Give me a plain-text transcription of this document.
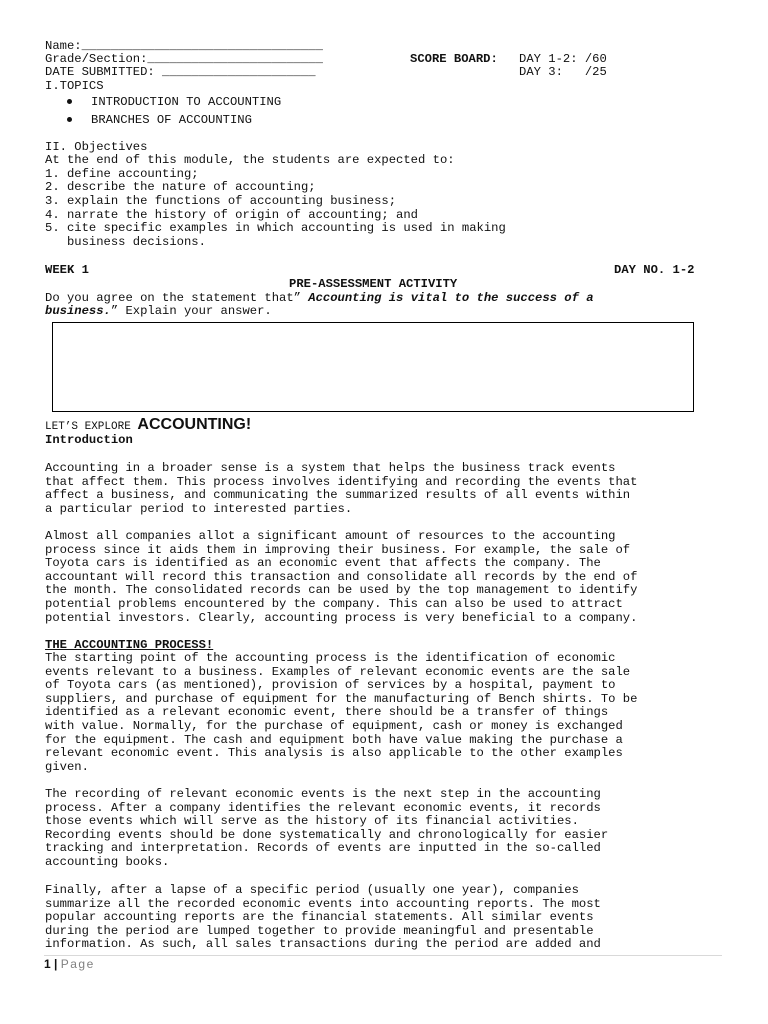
Name:_________________________________
Grade/Section:________________________
DATE SUBMITTED: _____________________
SCORE BOARD: DAY 1-2: /60
DAY 3:   /25
I.TOPICS
INTRODUCTION TO ACCOUNTING
BRANCHES OF ACCOUNTING
II. Objectives
At the end of this module, the students are expected to:
1. define accounting;
2. describe the nature of accounting;
3. explain the functions of accounting business;
4. narrate the history of origin of accounting; and
5. cite specific examples in which accounting is used in making
business decisions.
WEEK 1	DAY NO. 1-2
PRE-ASSESSMENT ACTIVITY
Do you agree on the statement that” Accounting is vital to the success of a
business.” Explain your answer.
LET’S EXPLORE ACCOUNTING!
Introduction
Accounting in a broader sense is a system that helps the business track events
that affect them. This process involves identifying and recording the events that
affect a business, and communicating the summarized results of all events within
a particular period to interested parties.
Almost all companies allot a significant amount of resources to the accounting
process since it aids them in improving their business. For example, the sale of
Toyota cars is identified as an economic event that affects the company. The
accountant will record this transaction and consolidate all records by the end of
the month. The consolidated records can be used by the top management to identify
potential problems encountered by the company. This can also be used to attract
potential investors. Clearly, accounting process is very beneficial to a company.
THE ACCOUNTING PROCESS!
The starting point of the accounting process is the identification of economic
events relevant to a business. Examples of relevant economic events are the sale
of Toyota cars (as mentioned), provision of services by a hospital, payment to
suppliers, and purchase of equipment for the manufacturing of Bench shirts. To be
identified as a relevant economic event, there should be a transfer of things
with value. Normally, for the purchase of equipment, cash or money is exchanged
for the equipment. The cash and equipment both have value making the purchase a
relevant economic event. This analysis is also applicable to the other examples
given.
The recording of relevant economic events is the next step in the accounting
process. After a company identifies the relevant economic events, it records
those events which will serve as the history of its financial activities.
Recording events should be done systematically and chronologically for easier
tracking and interpretation. Records of events are inputted in the so-called
accounting books.
Finally, after a lapse of a specific period (usually one year), companies
summarize all the recorded economic events into accounting reports. The most
popular accounting reports are the financial statements. All similar events
during the period are lumped together to provide meaningful and presentable
information. As such, all sales transactions during the period are added and
1 | Page
